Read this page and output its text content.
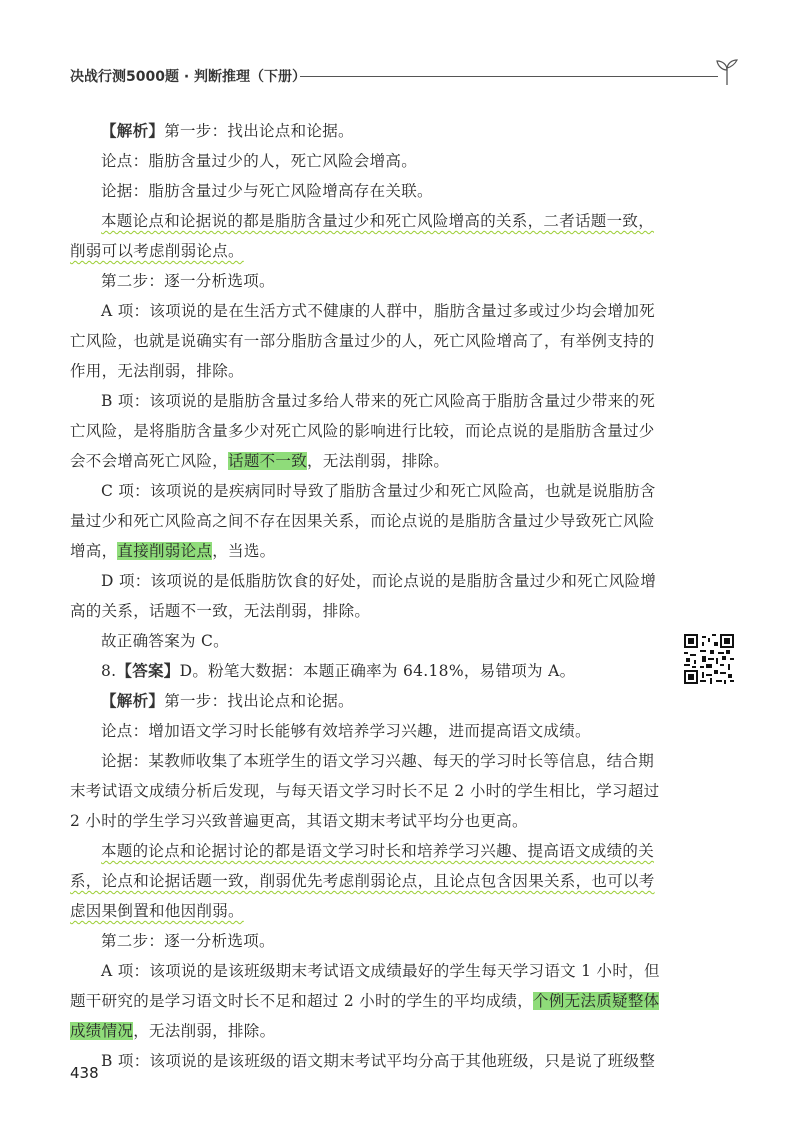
决战行测5000题 · 判断推理（下册）

【解析】第一步：找出论点和论据。

论点：脂肪含量过少的人，死亡风险会增高。

论据：脂肪含量过少与死亡风险增高存在关联。

本题论点和论据说的都是脂肪含量过少和死亡风险增高的关系，二者话题一致，削弱可以考虑削弱论点。

第二步：逐一分析选项。

A 项：该项说的是在生活方式不健康的人群中，脂肪含量过多或过少均会增加死亡风险，也就是说确实有一部分脂肪含量过少的人，死亡风险增高了，有举例支持的作用，无法削弱，排除。

B 项：该项说的是脂肪含量过多给人带来的死亡风险高于脂肪含量过少带来的死亡风险，是将脂肪含量多少对死亡风险的影响进行比较，而论点说的是脂肪含量过少会不会增高死亡风险，话题不一致，无法削弱，排除。

C 项：该项说的是疾病同时导致了脂肪含量过少和死亡风险高，也就是说脂肪含量过少和死亡风险高之间不存在因果关系，而论点说的是脂肪含量过少导致死亡风险增高，直接削弱论点，当选。

D 项：该项说的是低脂肪饮食的好处，而论点说的是脂肪含量过少和死亡风险增高的关系，话题不一致，无法削弱，排除。

故正确答案为 C。

8.【答案】D。粉笔大数据：本题正确率为 64.18%，易错项为 A。

【解析】第一步：找出论点和论据。

论点：增加语文学习时长能够有效培养学习兴趣，进而提高语文成绩。

论据：某教师收集了本班学生的语文学习兴趣、每天的学习时长等信息，结合期末考试语文成绩分析后发现，与每天语文学习时长不足 2 小时的学生相比，学习超过 2 小时的学生学习兴致普遍更高，其语文期末考试平均分也更高。

本题的论点和论据讨论的都是语文学习时长和培养学习兴趣、提高语文成绩的关系，论点和论据话题一致，削弱优先考虑削弱论点，且论点包含因果关系，也可以考虑因果倒置和他因削弱。

第二步：逐一分析选项。

A 项：该项说的是该班级期末考试语文成绩最好的学生每天学习语文 1 小时，但题干研究的是学习语文时长不足和超过 2 小时的学生的平均成绩，个例无法质疑整体成绩情况，无法削弱，排除。

B 项：该项说的是该班级的语文期末考试平均分高于其他班级，只是说了班级整

438
